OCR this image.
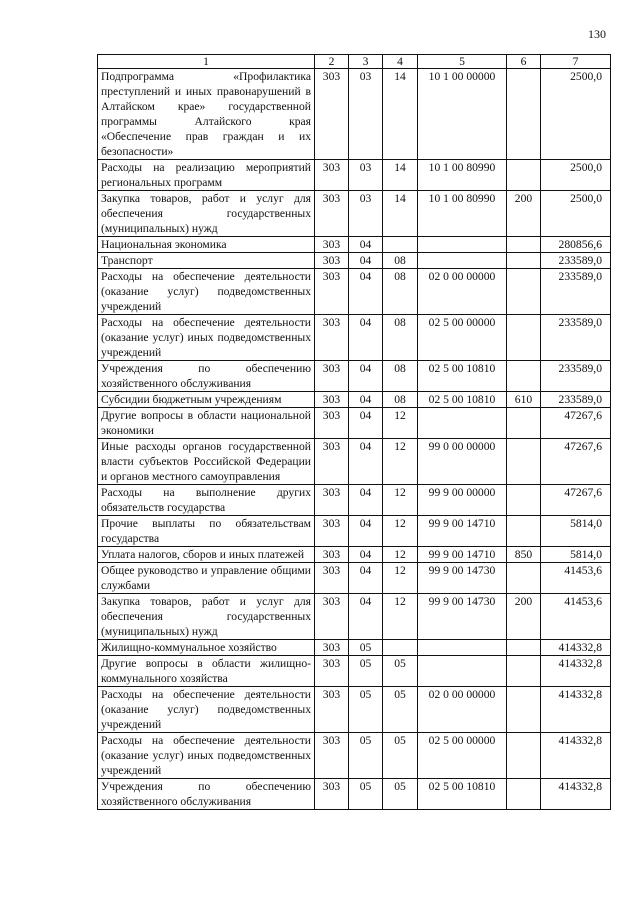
130
1	2	3	4	5	6	7
Подпрограмма «Профилактика преступлений и иных правонарушений в Алтайском крае» государственной программы Алтайского края «Обеспечение прав граждан и их безопасности»	303	03	14	10 1 00 00000		2500,0
Расходы на реализацию мероприятий региональных программ	303	03	14	10 1 00 80990		2500,0
Закупка товаров, работ и услуг для обеспечения государственных (муниципальных) нужд	303	03	14	10 1 00 80990	200	2500,0
Национальная экономика	303	04				280856,6
Транспорт	303	04	08			233589,0
Расходы на обеспечение деятельности (оказание услуг) подведомственных учреждений	303	04	08	02 0 00 00000		233589,0
Расходы на обеспечение деятельности (оказание услуг) иных подведомственных учреждений	303	04	08	02 5 00 00000		233589,0
Учреждения по обеспечению хозяйственного обслуживания	303	04	08	02 5 00 10810		233589,0
Субсидии бюджетным учреждениям	303	04	08	02 5 00 10810	610	233589,0
Другие вопросы в области национальной экономики	303	04	12			47267,6
Иные расходы органов государственной власти субъектов Российской Федерации и органов местного самоуправления	303	04	12	99 0 00 00000		47267,6
Расходы на выполнение других обязательств государства	303	04	12	99 9 00 00000		47267,6
Прочие выплаты по обязательствам государства	303	04	12	99 9 00 14710		5814,0
Уплата налогов, сборов и иных платежей	303	04	12	99 9 00 14710	850	5814,0
Общее руководство и управление общими службами	303	04	12	99 9 00 14730		41453,6
Закупка товаров, работ и услуг для обеспечения государственных (муниципальных) нужд	303	04	12	99 9 00 14730	200	41453,6
Жилищно-коммунальное хозяйство	303	05				414332,8
Другие вопросы в области жилищно-коммунального хозяйства	303	05	05			414332,8
Расходы на обеспечение деятельности (оказание услуг) подведомственных учреждений	303	05	05	02 0 00 00000		414332,8
Расходы на обеспечение деятельности (оказание услуг) иных подведомственных учреждений	303	05	05	02 5 00 00000		414332,8
Учреждения по обеспечению хозяйственного обслуживания	303	05	05	02 5 00 10810		414332,8
